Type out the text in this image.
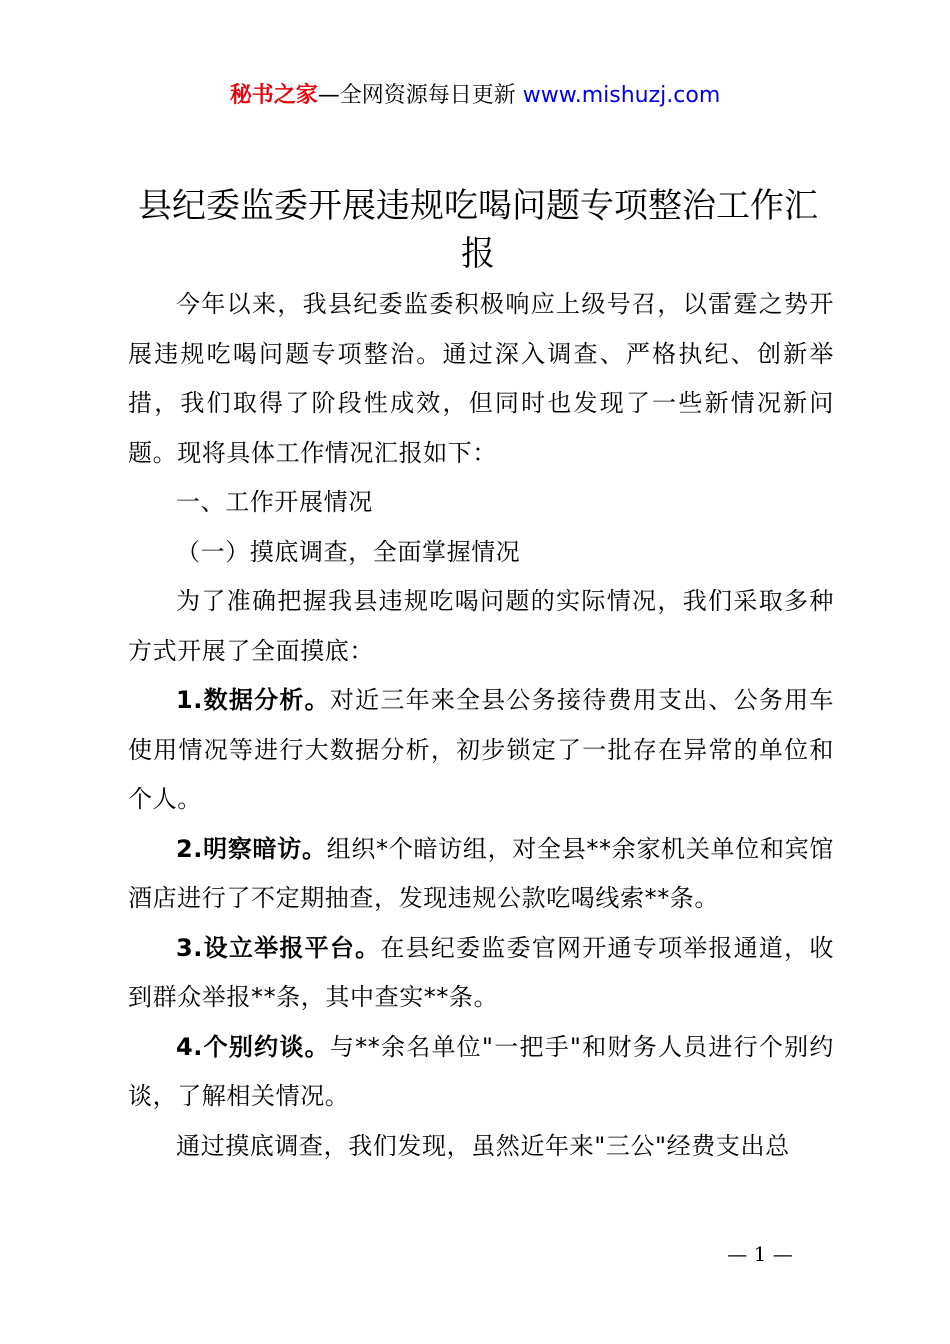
秘书之家—全网资源每日更新 www.mishuzj.com
县纪委监委开展违规吃喝问题专项整治工作汇报

今年以来，我县纪委监委积极响应上级号召，以雷霆之势开展违规吃喝问题专项整治。通过深入调查、严格执纪、创新举措，我们取得了阶段性成效，但同时也发现了一些新情况新问题。现将具体工作情况汇报如下：

一、工作开展情况

（一）摸底调查，全面掌握情况

为了准确把握我县违规吃喝问题的实际情况，我们采取多种方式开展了全面摸底：

1.数据分析。对近三年来全县公务接待费用支出、公务用车使用情况等进行大数据分析，初步锁定了一批存在异常的单位和个人。

2.明察暗访。组织*个暗访组，对全县**余家机关单位和宾馆酒店进行了不定期抽查，发现违规公款吃喝线索**条。

3.设立举报平台。在县纪委监委官网开通专项举报通道，收到群众举报**条，其中查实**条。

4.个别约谈。与**余名单位"一把手"和财务人员进行个别约谈，了解相关情况。

通过摸底调查，我们发现，虽然近年来"三公"经费支出总

— 1 —
